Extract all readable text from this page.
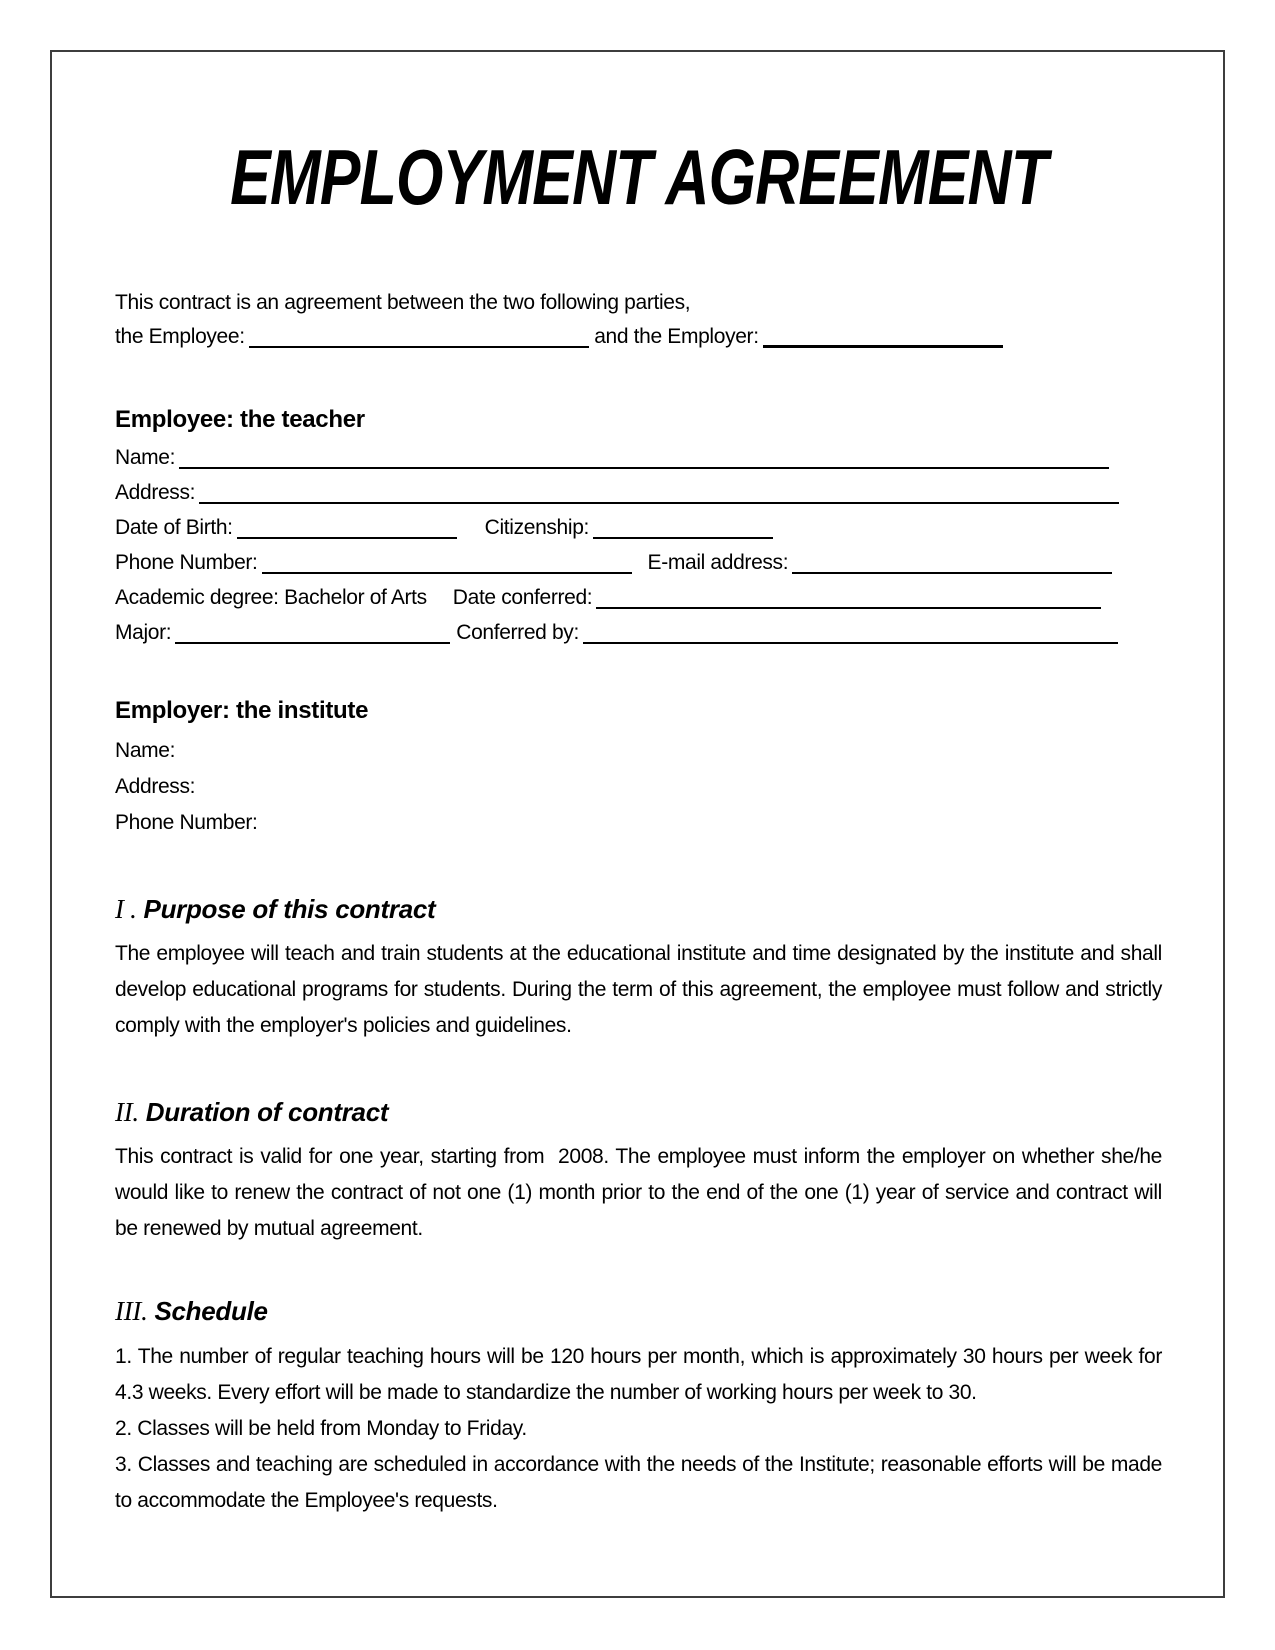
EMPLOYMENT AGREEMENT

This contract is an agreement between the two following parties,

the Employee:	and the Employer:

Employee: the teacher
Name:
Address:
Date of Birth:	Citizenship:
Phone Number:	E-mail address:
Academic degree: Bachelor of Arts Date conferred:
Major:	Conferred by:
Employer: the institute
Name:
Address:
Phone Number:
I . Purpose of this contract

The employee will teach and train students at the educational institute and time designated by the institute and shall develop educational programs for students. During the term of this agreement, the employee must follow and strictly comply with the employer's policies and guidelines.

II. Duration of contract

This contract is valid for one year, starting from  2008. The employee must inform the employer on whether she/he would like to renew the contract of not one (1) month prior to the end of the one (1) year of service and contract will be renewed by mutual agreement.

III. Schedule

1. The number of regular teaching hours will be 120 hours per month, which is approximately 30 hours per week for 4.3 weeks. Every effort will be made to standardize the number of working hours per week to 30.

2. Classes will be held from Monday to Friday.

3. Classes and teaching are scheduled in accordance with the needs of the Institute; reasonable efforts will be made to accommodate the Employee's requests.
